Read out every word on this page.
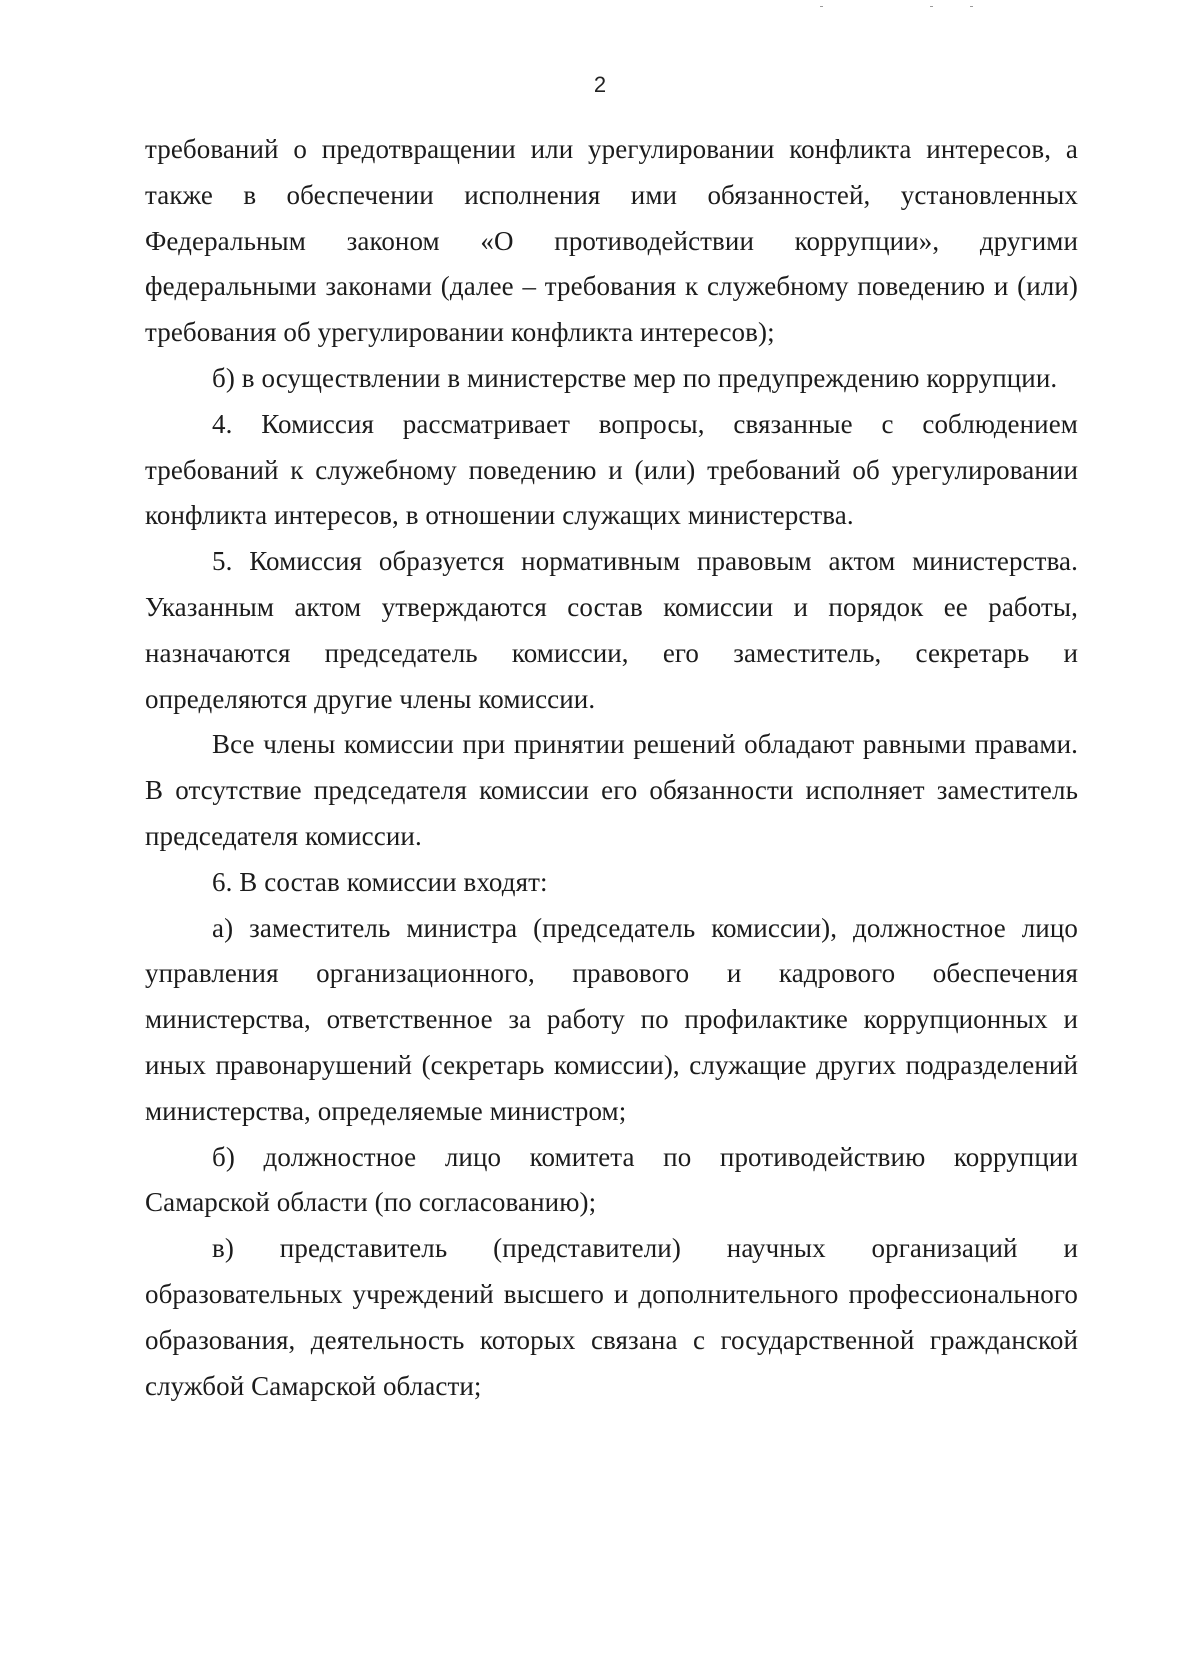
2

требований о предотвращении или урегулировании конфликта интересов, а также в обеспечении исполнения ими обязанностей, установленных Федеральным законом «О противодействии коррупции», другими федеральными законами (далее – требования к служебному поведению и (или) требования об урегулировании конфликта интересов);

б) в осуществлении в министерстве мер по предупреждению коррупции.

4. Комиссия рассматривает вопросы, связанные с соблюдением требований к служебному поведению и (или) требований об урегулировании конфликта интересов, в отношении служащих министерства.

5. Комиссия образуется нормативным правовым актом министерства. Указанным актом утверждаются состав комиссии и порядок ее работы, назначаются председатель комиссии, его заместитель, секретарь и определяются другие члены комиссии.

Все члены комиссии при принятии решений обладают равными правами. В отсутствие председателя комиссии его обязанности исполняет заместитель председателя комиссии.

6. В состав комиссии входят:

а) заместитель министра (председатель комиссии), должностное лицо управления организационного, правового и кадрового обеспечения министерства, ответственное за работу по профилактике коррупционных и иных правонарушений (секретарь комиссии), служащие других подразделений министерства, определяемые министром;

б) должностное лицо комитета по противодействию коррупции Самарской области (по согласованию);

в) представитель (представители) научных организаций и образовательных учреждений высшего и дополнительного профессионального образования, деятельность которых связана с государственной гражданской службой Самарской области;
